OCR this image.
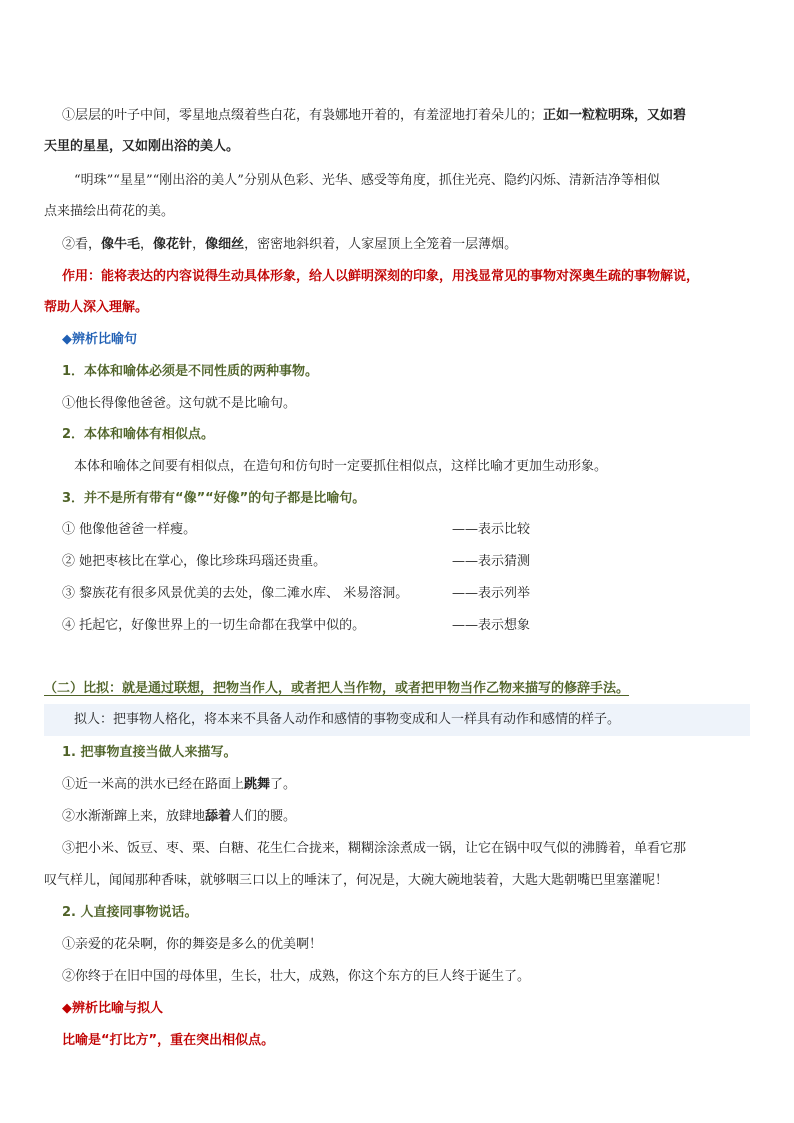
①层层的叶子中间，零星地点缀着些白花，有袅娜地开着的，有羞涩地打着朵儿的；正如一粒粒明珠，又如碧
天里的星星，又如刚出浴的美人。
“明珠”“星星”“刚出浴的美人”分别从色彩、光华、感受等角度，抓住光亮、隐约闪烁、清新洁净等相似
点来描绘出荷花的美。
②看，像牛毛，像花针，像细丝，密密地斜织着，人家屋顶上全笼着一层薄烟。
作用：能将表达的内容说得生动具体形象，给人以鲜明深刻的印象，用浅显常见的事物对深奥生疏的事物解说，
帮助人深入理解。
◆辨析比喻句
1．本体和喻体必须是不同性质的两种事物。
①他长得像他爸爸。这句就不是比喻句。
2．本体和喻体有相似点。
本体和喻体之间要有相似点，在造句和仿句时一定要抓住相似点，这样比喻才更加生动形象。
3．并不是所有带有“像”“好像”的句子都是比喻句。
① 他像他爸爸一样瘦。	——表示比较
② 她把枣核比在掌心，像比珍珠玛瑙还贵重。	——表示猜测
③ 黎族花有很多风景优美的去处，像二滩水库、 米易溶洞。	——表示列举
④ 托起它，好像世界上的一切生命都在我掌中似的。	——表示想象
（二）比拟：就是通过联想，把物当作人，或者把人当作物，或者把甲物当作乙物来描写的修辞手法。
拟人：把事物人格化，将本来不具备人动作和感情的事物变成和人一样具有动作和感情的样子。
1. 把事物直接当做人来描写。
①近一米高的洪水已经在路面上跳舞了。
②水渐渐蹿上来，放肆地舔着人们的腰。
③把小米、饭豆、枣、栗、白糖、花生仁合拢来，糊糊涂涂煮成一锅，让它在锅中叹气似的沸腾着，单看它那
叹气样儿，闻闻那种香味，就够咽三口以上的唾沫了，何况是，大碗大碗地装着，大匙大匙朝嘴巴里塞灌呢！
2. 人直接同事物说话。
①亲爱的花朵啊，你的舞姿是多么的优美啊！
②你终于在旧中国的母体里，生长，壮大，成熟，你这个东方的巨人终于诞生了。
◆辨析比喻与拟人
比喻是“打比方”，重在突出相似点。
